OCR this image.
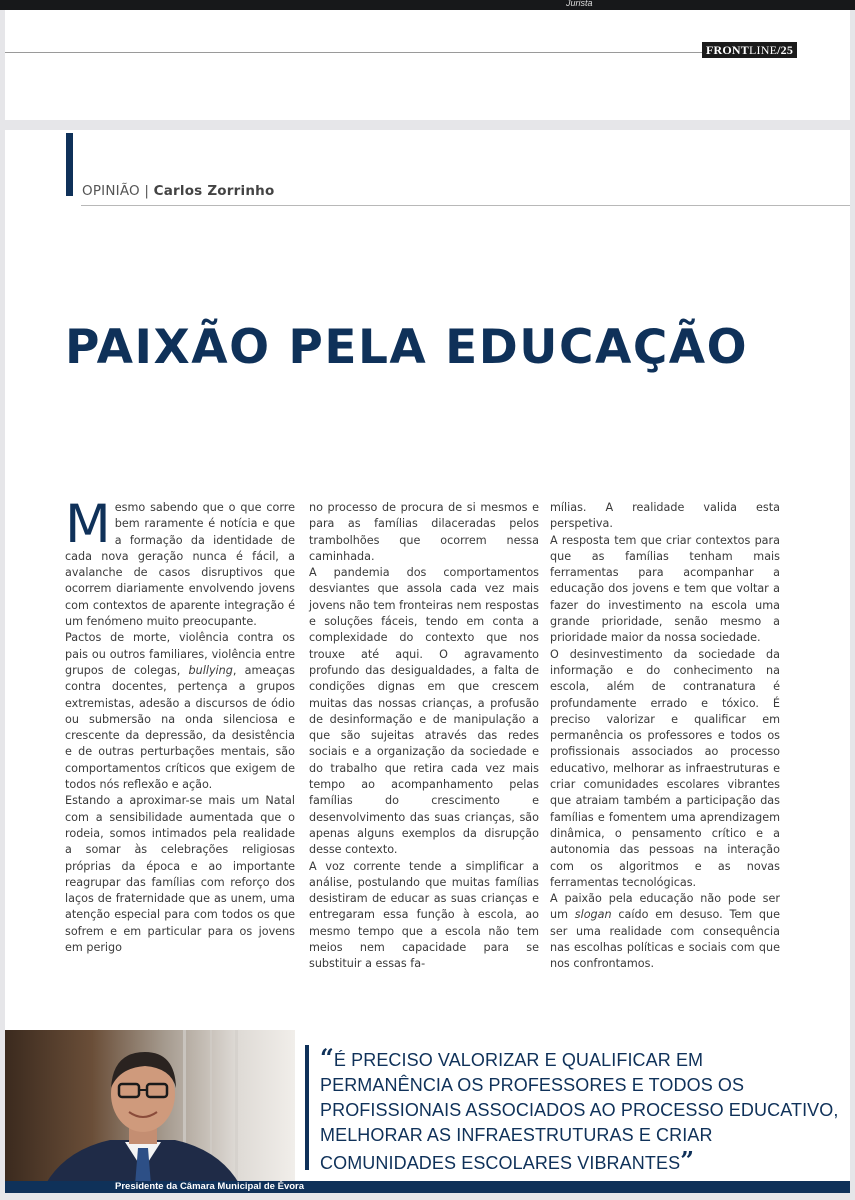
Jurista
FRONTLINE/25
OPINIÃO | Carlos Zorrinho
PAIXÃO PELA EDUCAÇÃO

Mesmo sabendo que o que corre bem raramente é notícia e que a formação da identidade de cada nova geração nunca é fácil, a avalanche de casos disruptivos que ocorrem diariamente envolvendo jovens com contextos de aparente integração é um fenómeno muito preocupante.

Pactos de morte, violência contra os pais ou outros familiares, violência entre grupos de colegas, bullying, ameaças contra docentes, pertença a grupos extremistas, adesão a discursos de ódio ou submersão na onda silenciosa e crescente da depressão, da desistência e de outras perturbações mentais, são comportamentos críticos que exigem de todos nós reflexão e ação.

Estando a aproximar-se mais um Natal com a sensibilidade aumentada que o rodeia, somos intimados pela realidade a somar às celebrações religiosas próprias da época e ao importante reagrupar das famílias com reforço dos laços de fraternidade que as unem, uma atenção especial para com todos os que sofrem e em particular para os jovens em perigo

no processo de procura de si mesmos e para as famílias dilaceradas pelos trambolhões que ocorrem nessa caminhada.

A pandemia dos comportamentos desviantes que assola cada vez mais jovens não tem fronteiras nem respostas e soluções fáceis, tendo em conta a complexidade do contexto que nos trouxe até aqui. O agravamento profundo das desigualdades, a falta de condições dignas em que crescem muitas das nossas crianças, a profusão de desinformação e de manipulação a que são sujeitas através das redes sociais e a organização da sociedade e do trabalho que retira cada vez mais tempo ao acompanhamento pelas famílias do crescimento e desenvolvimento das suas crianças, são apenas alguns exemplos da disrupção desse contexto.

A voz corrente tende a simplificar a análise, postulando que muitas famílias desistiram de educar as suas crianças e entregaram essa função à escola, ao mesmo tempo que a escola não tem meios nem capacidade para se substituir a essas fa-

mílias. A realidade valida esta perspetiva.

A resposta tem que criar contextos para que as famílias tenham mais ferramentas para acompanhar a educação dos jovens e tem que voltar a fazer do investimento na escola uma grande prioridade, senão mesmo a prioridade maior da nossa sociedade.

O desinvestimento da sociedade da informação e do conhecimento na escola, além de contranatura é profundamente errado e tóxico. É preciso valorizar e qualificar em permanência os professores e todos os profissionais associados ao processo educativo, melhorar as infraestruturas e criar comunidades escolares vibrantes que atraiam também a participação das famílias e fomentem uma aprendizagem dinâmica, o pensamento crítico e a autonomia das pessoas na interação com os algoritmos e as novas ferramentas tecnológicas.

A paixão pela educação não pode ser um slogan caído em desuso. Tem que ser uma realidade com consequência nas escolhas políticas e sociais com que nos confrontamos.

Presidente da Câmara Municipal de Évora
“É PRECISO VALORIZAR E QUALIFICAR EM PERMANÊNCIA OS PROFESSORES E TODOS OS PROFISSIONAIS ASSOCIADOS AO PROCESSO EDUCATIVO, MELHORAR AS INFRAESTRUTURAS E CRIAR COMUNIDADES ESCOLARES VIBRANTES”
